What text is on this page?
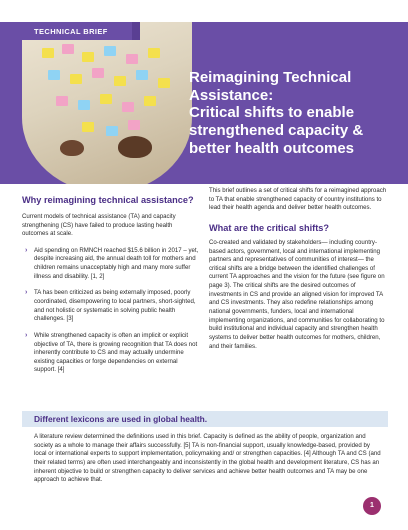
Reimagining Technical Assistance:
Critical shifts to enable strengthened capacity & better health outcomes
TECHNICAL BRIEF
Why reimagining technical assistance?

Current models of technical assistance (TA) and capacity strengthening (CS) have failed to produce lasting health outcomes at scale.

› Aid spending on RMNCH reached $15.6 billion in 2017 – yet, despite increasing aid, the annual death toll for mothers and children remains unacceptably high and many more suffer illness and disability. [1, 2]
› TA has been criticized as being externally imposed, poorly coordinated, disempowering to local partners, short-sighted, and not holistic or systematic in solving public health challenges. [3]
› While strengthened capacity is often an implicit or explicit objective of TA, there is growing recognition that TA does not inherently contribute to CS and may actually undermine existing capacities or forge dependencies on external support. [4]

This brief outlines a set of critical shifts for a reimagined approach to TA that enable strengthened capacity of country institutions to lead their health agenda and deliver better health outcomes.

What are the critical shifts?

Co-created and validated by stakeholders— including country-based actors, government, local and international implementing partners and representatives of communities of interest— the critical shifts are a bridge between the identified challenges of current TA approaches and the vision for the future (see figure on page 3). The critical shifts are the desired outcomes of investments in CS and provide an aligned vision for improved TA and CS investments. They also redefine relationships among national governments, funders, local and international implementing organizations, and communities for collaborating to build institutional and individual capacity and strengthen health systems to deliver better health outcomes for mothers, children, and their families.

Different lexicons are used in global health.

A literature review determined the definitions used in this brief. Capacity is defined as the ability of people, organization and society as a whole to manage their affairs successfully. [5] TA is non-financial support, usually knowledge-based, provided by local or international experts to support implementation, policymaking and/ or strengthen capacities. [4] Although TA and CS (and their related terms) are often used interchangeably and inconsistently in the global health and development literature, CS has an inherent objective to build or strengthen capacity to deliver services and achieve better health outcomes and TA may be one approach to achieve that.

1
